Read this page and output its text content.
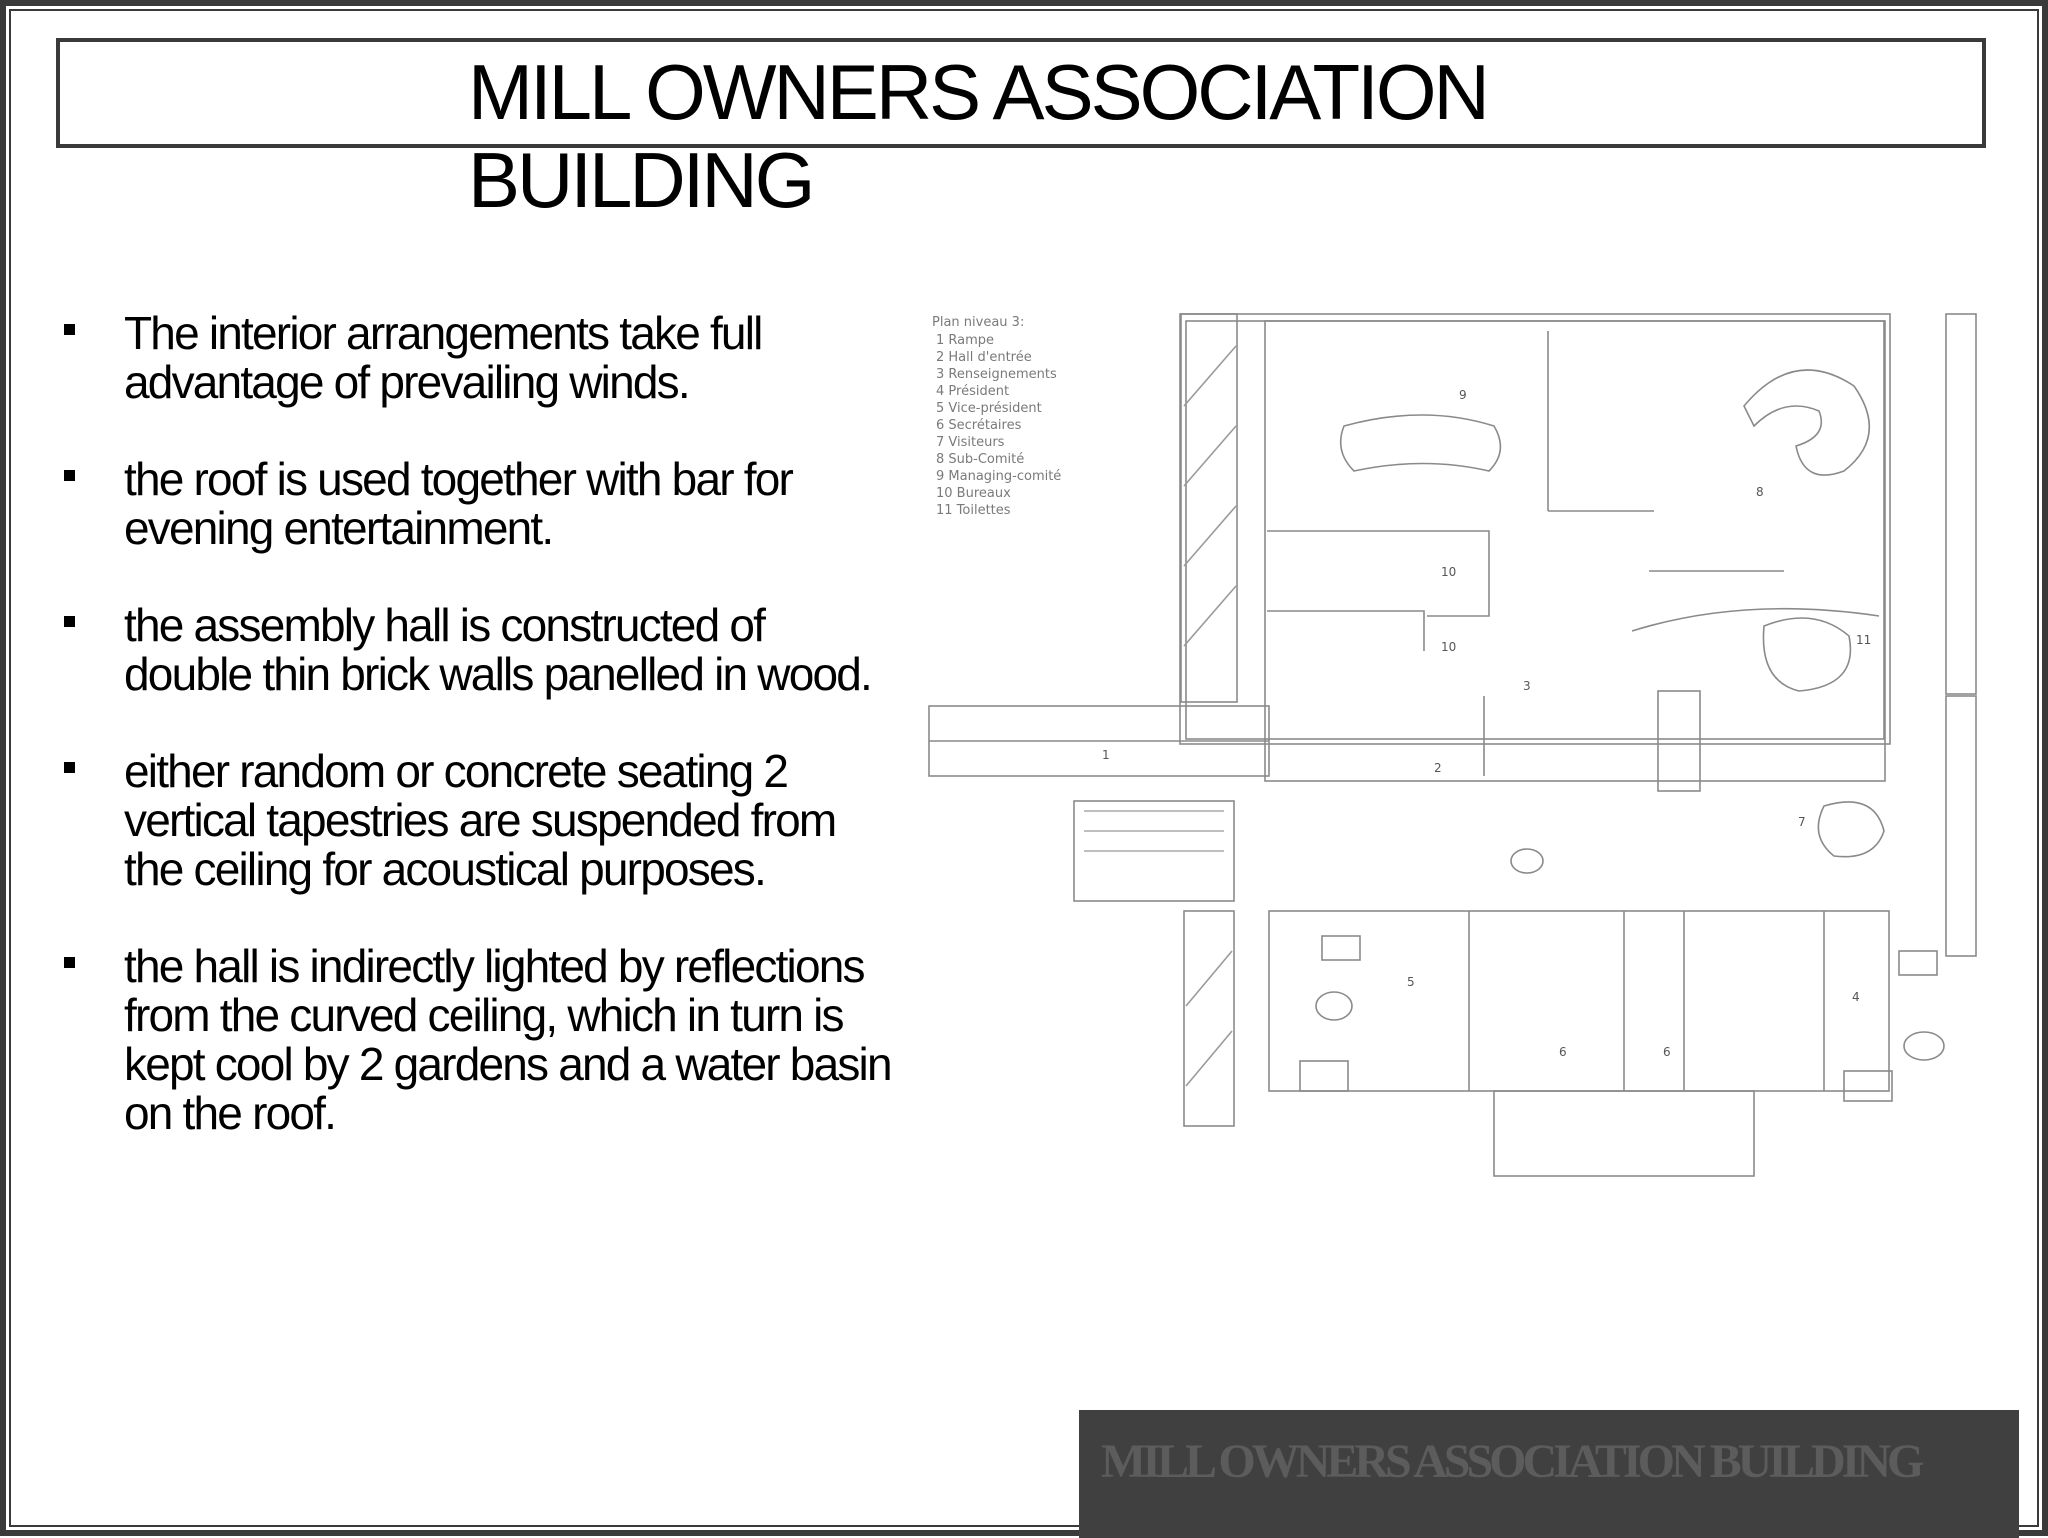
MILL OWNERS ASSOCIATION BUILDING
The interior arrangements take full advantage of prevailing winds.
the roof is used together with bar for evening entertainment.
the assembly hall is constructed of double thin brick walls panelled in wood.
either random or concrete seating 2 vertical tapestries are suspended from the ceiling for acoustical purposes.
the hall is indirectly lighted by reflections from the curved ceiling, which in turn is kept cool by 2 gardens and a water basin on the roof.
Plan niveau 3:
1 Rampe
2 Hall d'entrée
3 Renseignements
4 Président
5 Vice-président
6 Secrétaires
7 Visiteurs
8 Sub-Comité
9 Managing-comité
10 Bureaux
11 Toilettes
9
8
10
10	11
3
1
2
7
5
4
6	6
MILL OWNERS ASSOCIATION BUILDING
